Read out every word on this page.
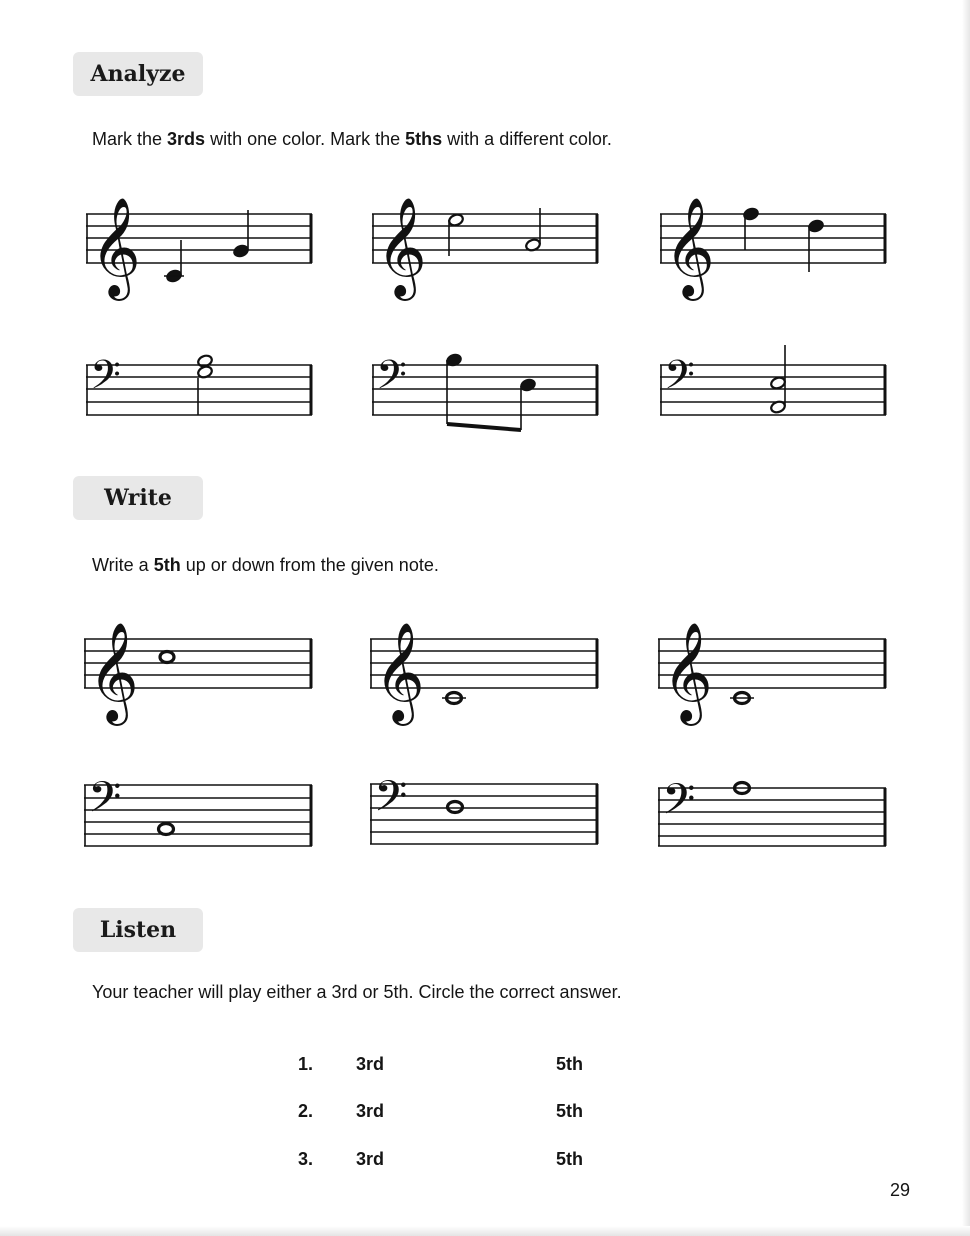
Analyze
Mark the 3rds with one color. Mark the 5ths with a different color.
𝄞	𝄞	𝄞
𝄢	𝄢	𝄢
Write
Write a 5th up or down from the given note.
𝄞	𝄞	𝄞
𝄢	𝄢	𝄢
Listen
Your teacher will play either a 3rd or 5th. Circle the correct answer.
1. 3rd	5th
2. 3rd	5th
3. 3rd	5th
29
